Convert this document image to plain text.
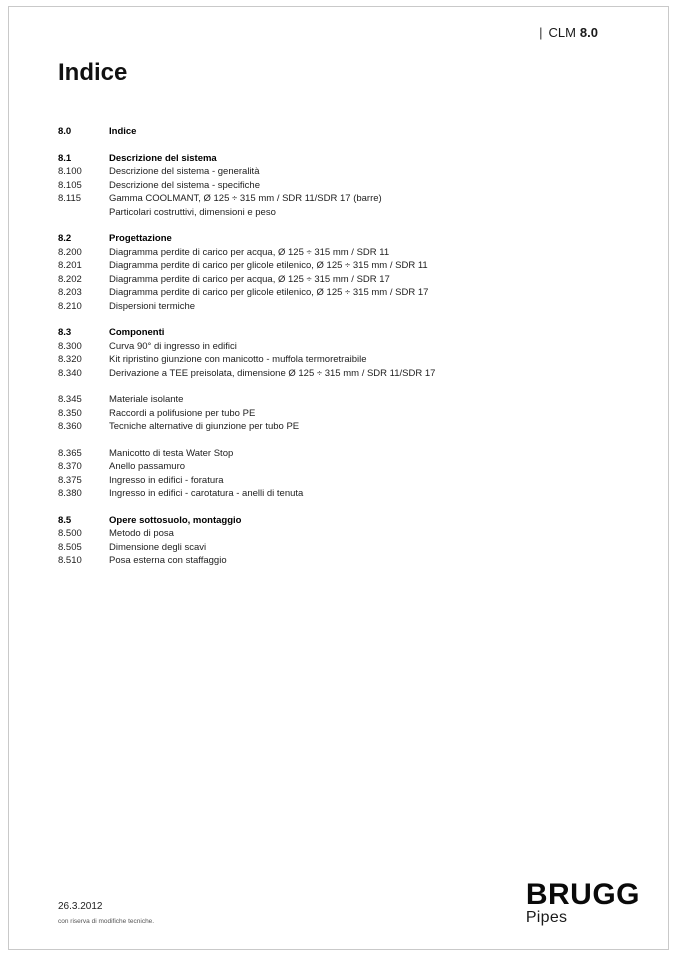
| CLM 8.0
Indice
8.0	Indice
8.1	Descrizione del sistema
8.100	Descrizione del sistema - generalità
8.105	Descrizione del sistema - specifiche
8.115	Gamma COOLMANT, Ø 125 ÷ 315 mm / SDR 11/SDR 17 (barre)
Particolari costruttivi, dimensioni e peso
8.2	Progettazione
8.200	Diagramma perdite di carico per acqua, Ø 125 ÷ 315 mm / SDR 11
8.201	Diagramma perdite di carico per glicole etilenico, Ø 125 ÷ 315 mm / SDR 11
8.202	Diagramma perdite di carico per acqua, Ø 125 ÷ 315 mm / SDR 17
8.203	Diagramma perdite di carico per glicole etilenico, Ø 125 ÷ 315 mm / SDR 17
8.210	Dispersioni termiche
8.3	Componenti
8.300	Curva 90° di ingresso in edifici
8.320	Kit ripristino giunzione con manicotto - muffola termoretraibile
8.340	Derivazione a TEE preisolata, dimensione Ø 125 ÷ 315 mm / SDR 11/SDR 17
8.345	Materiale isolante
8.350	Raccordi a polifusione per tubo PE
8.360	Tecniche alternative di giunzione per tubo PE
8.365	Manicotto di testa Water Stop
8.370	Anello passamuro
8.375	Ingresso in edifici - foratura
8.380	Ingresso in edifici - carotatura - anelli di tenuta
8.5	Opere sottosuolo, montaggio
8.500	Metodo di posa
8.505	Dimensione degli scavi
8.510	Posa esterna con staffaggio
26.3.2012
con riserva di modifiche tecniche.
BRUGG
Pipes
